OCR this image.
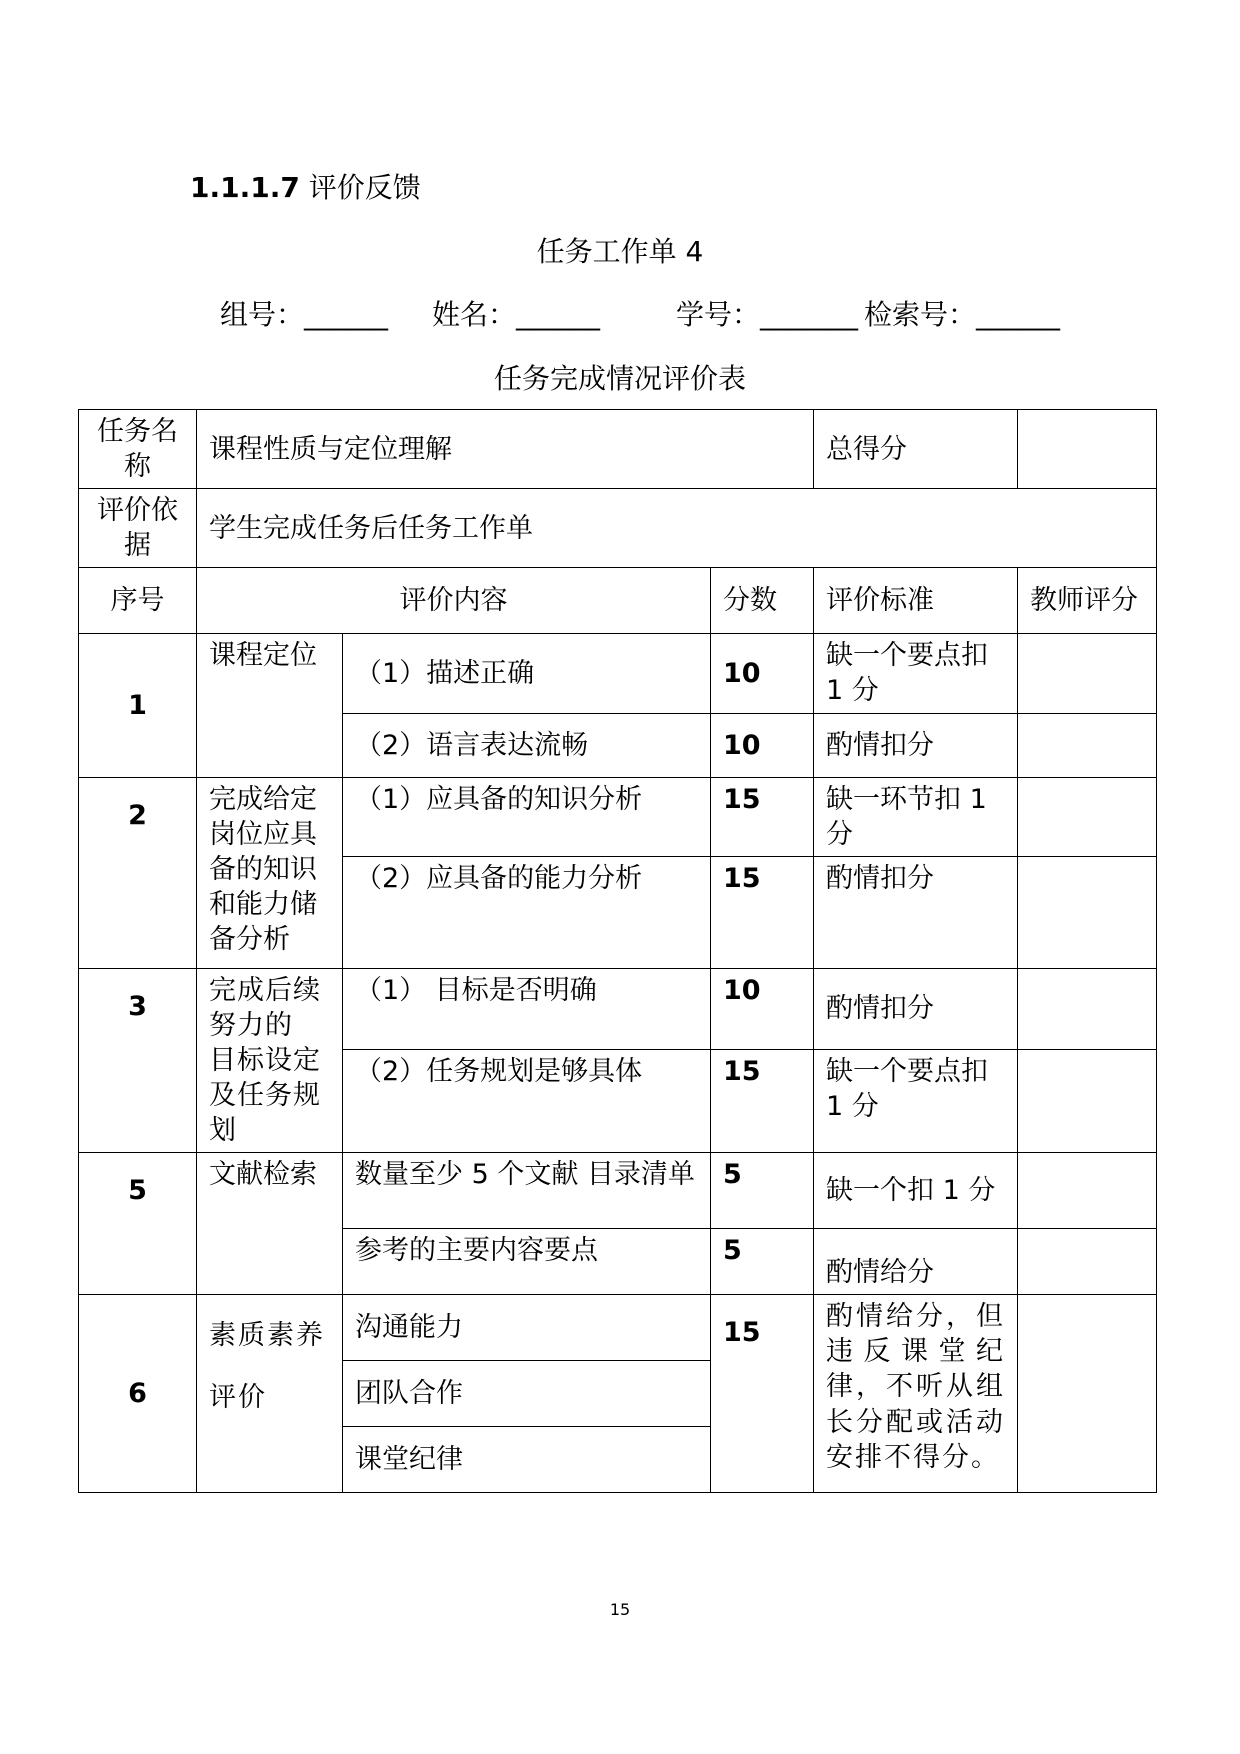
1.1.1.7 评价反馈
任务工作单 4
组号：______ 姓名：______	学号：_______ 检索号：______
任务完成情况评价表
任务名称	课程性质与定位理解			总得分	
评价依据	学生完成任务后任务工作单				
序号	评价内容		分数	评价标准	教师评分
1	课程定位	（1）描述正确	10	缺一个要点扣 1 分	
		（2）语言表达流畅	10	酌情扣分	
2	完成给定岗位应具备的知识和能力储备分析	（1）应具备的知识分析	15	缺一环节扣 1 分	
		（2）应具备的能力分析	15	酌情扣分	
3	完成后续努力的 目标设定及任务规划	（1） 目标是否明确	10	酌情扣分	
		（2）任务规划是够具体	15	缺一个要点扣 1 分	
5	文献检索	数量至少 5 个文献 目录清单	5	缺一个扣 1 分	
		参考的主要内容要点	5	酌情给分	
6	素质素养评价	沟通能力	15	酌情给分，但违反课堂纪律，不听从组长分配或活动安排不得分。	
		团队合作			
		课堂纪律			
15
